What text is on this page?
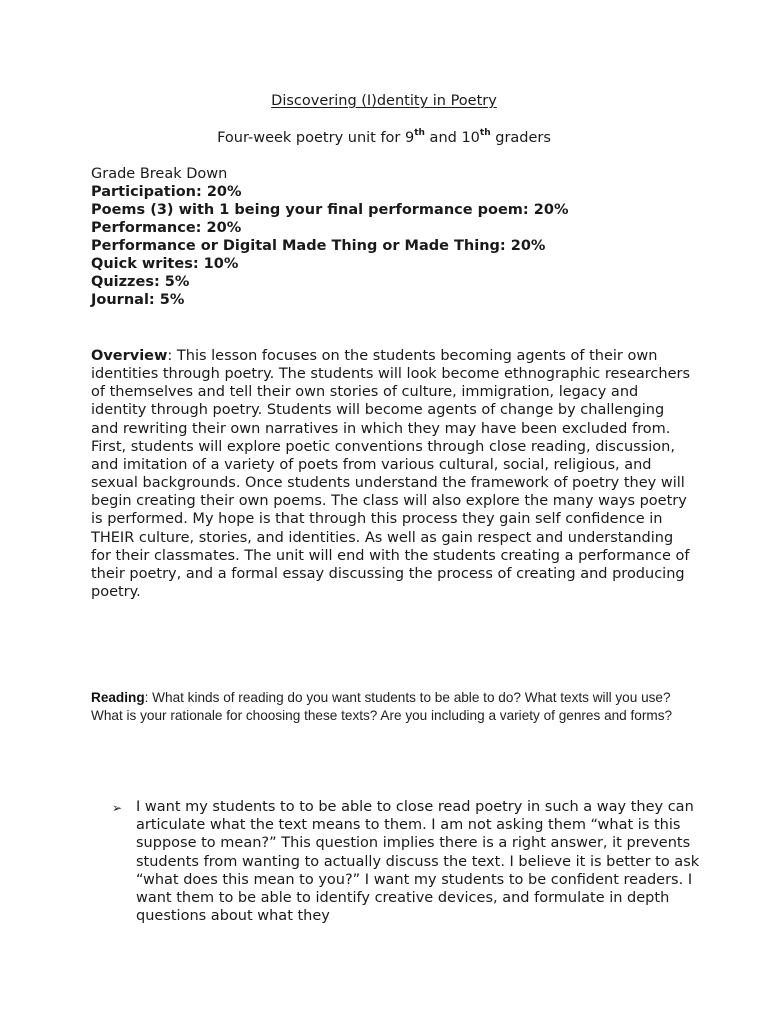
Discovering (I)dentity in Poetry
Four-week poetry unit for 9th and 10th graders
Grade Break Down
Participation: 20%
Poems (3) with 1 being your final performance poem: 20%
Performance: 20%
Performance or Digital Made Thing or Made Thing: 20%
Quick writes: 10%
Quizzes: 5%
Journal: 5%
Overview: This lesson focuses on the students becoming agents of their own identities through poetry. The students will look become ethnographic researchers of themselves and tell their own stories of culture, immigration, legacy and identity through poetry. Students will become agents of change by challenging and rewriting their own narratives in which they may have been excluded from. First, students will explore poetic conventions through close reading, discussion, and imitation of a variety of poets from various cultural, social, religious, and sexual backgrounds. Once students understand the framework of poetry they will begin creating their own poems. The class will also explore the many ways poetry is performed. My hope is that through this process they gain self confidence in THEIR culture, stories, and identities. As well as gain respect and understanding for their classmates. The unit will end with the students creating a performance of their poetry, and a formal essay discussing the process of creating and producing poetry.
Reading: What kinds of reading do you want students to be able to do? What texts will you use? What is your rationale for choosing these texts? Are you including a variety of genres and forms?
➢ I want my students to to be able to close read poetry in such a way they can articulate what the text means to them. I am not asking them “what is this suppose to mean?” This question implies there is a right answer, it prevents students from wanting to actually discuss the text. I believe it is better to ask “what does this mean to you?” I want my students to be confident readers. I want them to be able to identify creative devices, and formulate in depth questions about what they
